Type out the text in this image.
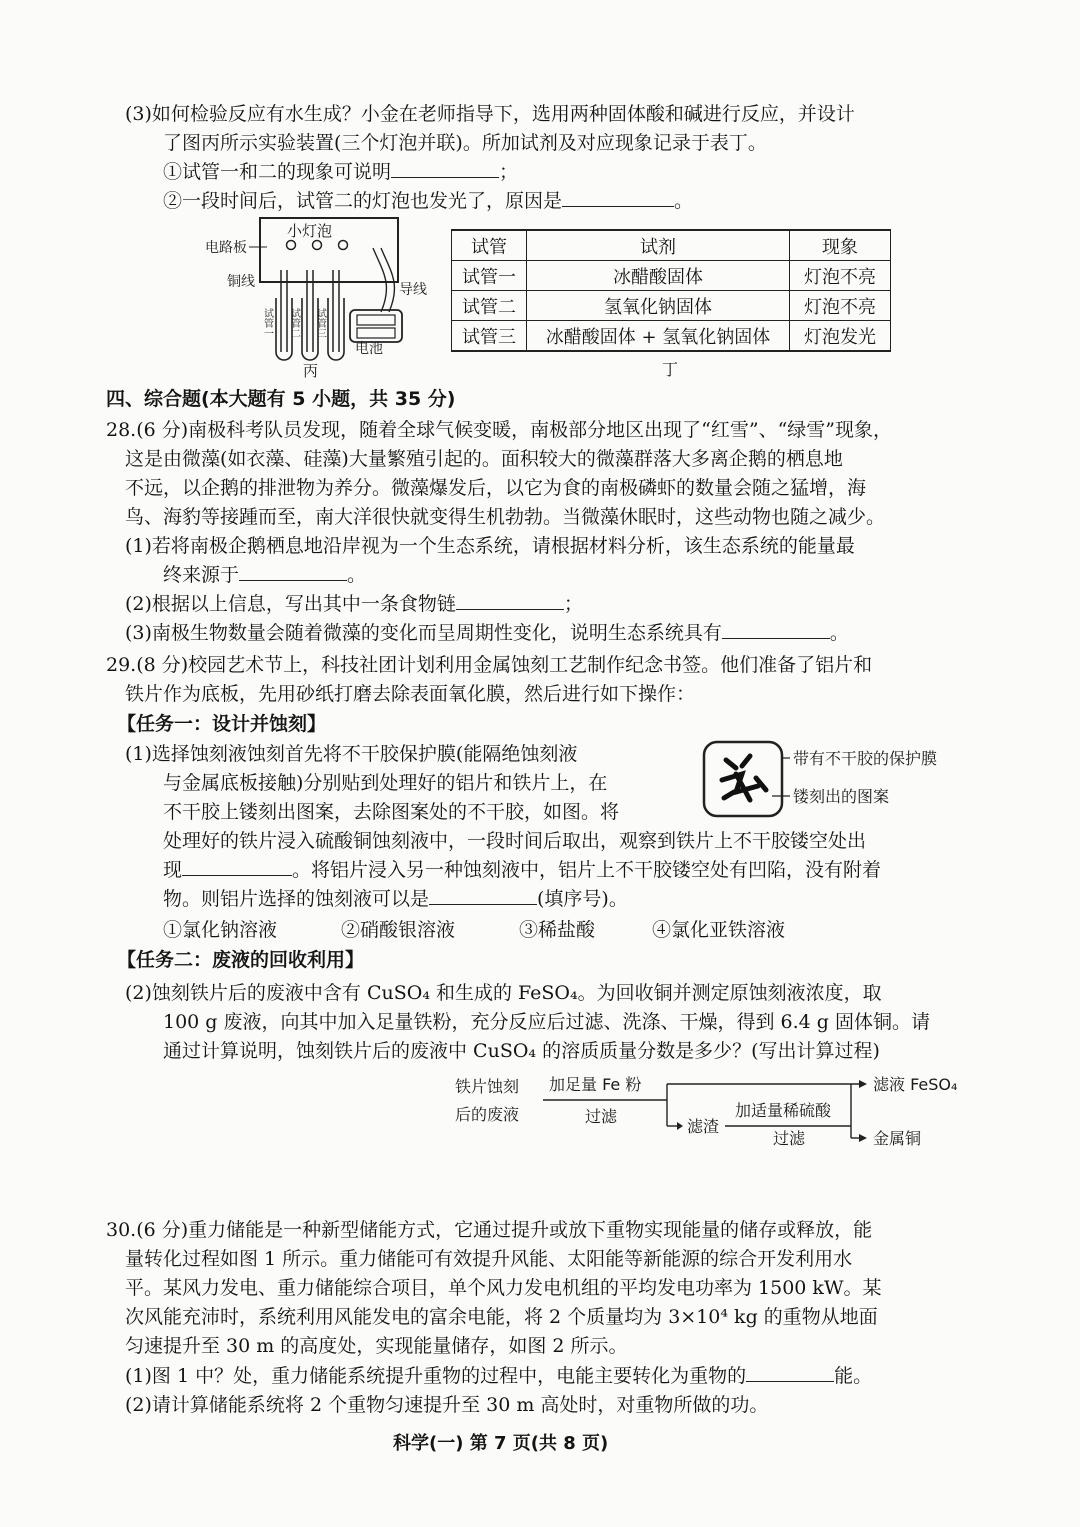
(3)如何检验反应有水生成？小金在老师指导下，选用两种固体酸和碱进行反应，并设计
了图丙所示实验装置(三个灯泡并联)。所加试剂及对应现象记录于表丁。
①试管一和二的现象可说明	；
②一段时间后，试管二的灯泡也发光了，原因是	。
小灯泡
电路板
铜线
试管一 试管二 试管三
导线
电池
丙
试管	试剂	现象
试管一	冰醋酸固体	灯泡不亮
试管二	氢氧化钠固体	灯泡不亮
试管三	冰醋酸固体 + 氢氧化钠固体	灯泡发光
丁
四、综合题(本大题有 5 小题，共 35 分)
28.(6 分)南极科考队员发现，随着全球气候变暖，南极部分地区出现了“红雪”、“绿雪”现象，
这是由微藻(如衣藻、硅藻)大量繁殖引起的。面积较大的微藻群落大多离企鹅的栖息地
不远，以企鹅的排泄物为养分。微藻爆发后，以它为食的南极磷虾的数量会随之猛增，海
鸟、海豹等接踵而至，南大洋很快就变得生机勃勃。当微藻休眠时，这些动物也随之减少。
(1)若将南极企鹅栖息地沿岸视为一个生态系统，请根据材料分析，该生态系统的能量最
终来源于	。
(2)根据以上信息，写出其中一条食物链	；
(3)南极生物数量会随着微藻的变化而呈周期性变化，说明生态系统具有	。
29.(8 分)校园艺术节上，科技社团计划利用金属蚀刻工艺制作纪念书签。他们准备了铝片和
铁片作为底板，先用砂纸打磨去除表面氧化膜，然后进行如下操作：
【任务一：设计并蚀刻】
(1)选择蚀刻液蚀刻首先将不干胶保护膜(能隔绝蚀刻液
与金属底板接触)分别贴到处理好的铝片和铁片上，在
不干胶上镂刻出图案，去除图案处的不干胶，如图。将
处理好的铁片浸入硫酸铜蚀刻液中，一段时间后取出，观察到铁片上不干胶镂空处出
现	。将铝片浸入另一种蚀刻液中，铝片上不干胶镂空处有凹陷，没有附着
物。则铝片选择的蚀刻液可以是	(填序号)。
①氯化钠溶液	②硝酸银溶液	③稀盐酸	④氯化亚铁溶液
带有不干胶的保护膜
镂刻出的图案
【任务二：废液的回收利用】
(2)蚀刻铁片后的废液中含有 CuSO₄ 和生成的 FeSO₄。为回收铜并测定原蚀刻液浓度，取
100 g 废液，向其中加入足量铁粉，充分反应后过滤、洗涤、干燥，得到 6.4 g 固体铜。请
通过计算说明，蚀刻铁片后的废液中 CuSO₄ 的溶质质量分数是多少？(写出计算过程)
铁片蚀刻
后的废液
加足量 Fe 粉
过滤
滤液 FeSO₄
滤渣
加适量稀硫酸
过滤	金属铜
30.(6 分)重力储能是一种新型储能方式，它通过提升或放下重物实现能量的储存或释放，能
量转化过程如图 1 所示。重力储能可有效提升风能、太阳能等新能源的综合开发利用水
平。某风力发电、重力储能综合项目，单个风力发电机组的平均发电功率为 1500 kW。某
次风能充沛时，系统利用风能发电的富余电能，将 2 个质量均为 3×10⁴ kg 的重物从地面
匀速提升至 30 m 的高度处，实现能量储存，如图 2 所示。
(1)图 1 中？处，重力储能系统提升重物的过程中，电能主要转化为重物的	能。
(2)请计算储能系统将 2 个重物匀速提升至 30 m 高处时，对重物所做的功。
科学(一) 第 7 页(共 8 页)
